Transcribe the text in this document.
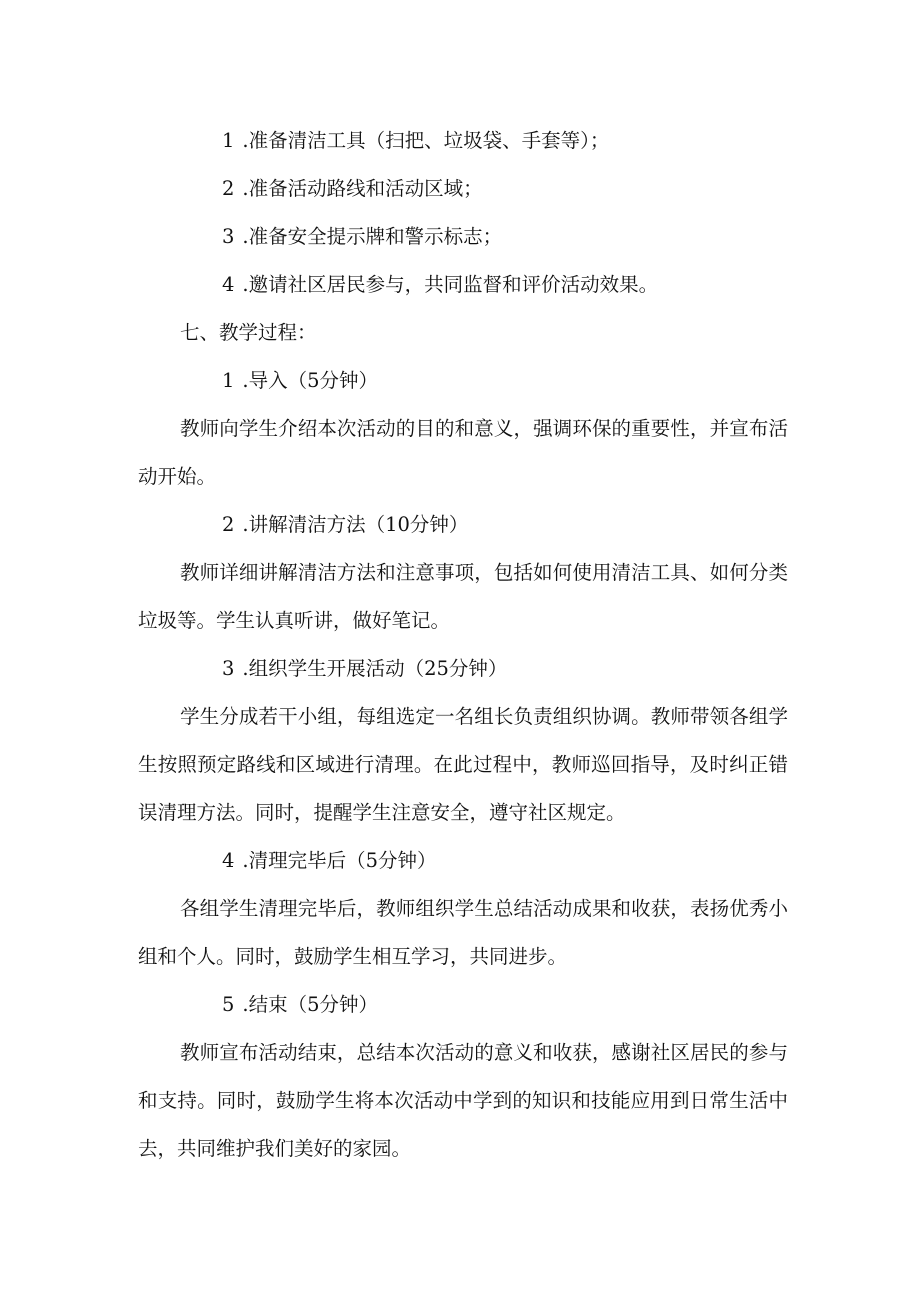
1 .准备清洁工具（扫把、垃圾袋、手套等）；

2 .准备活动路线和活动区域；

3 .准备安全提示牌和警示标志；

4 .邀请社区居民参与，共同监督和评价活动效果。

七、教学过程：

1 .导入（5分钟）

教师向学生介绍本次活动的目的和意义，强调环保的重要性，并宣布活动开始。

2 .讲解清洁方法（10分钟）

教师详细讲解清洁方法和注意事项，包括如何使用清洁工具、如何分类垃圾等。学生认真听讲，做好笔记。

3 .组织学生开展活动（25分钟）

学生分成若干小组，每组选定一名组长负责组织协调。教师带领各组学生按照预定路线和区域进行清理。在此过程中，教师巡回指导，及时纠正错误清理方法。同时，提醒学生注意安全，遵守社区规定。

4 .清理完毕后（5分钟）

各组学生清理完毕后，教师组织学生总结活动成果和收获，表扬优秀小组和个人。同时，鼓励学生相互学习，共同进步。

5 .结束（5分钟）

教师宣布活动结束，总结本次活动的意义和收获，感谢社区居民的参与和支持。同时，鼓励学生将本次活动中学到的知识和技能应用到日常生活中去，共同维护我们美好的家园。
